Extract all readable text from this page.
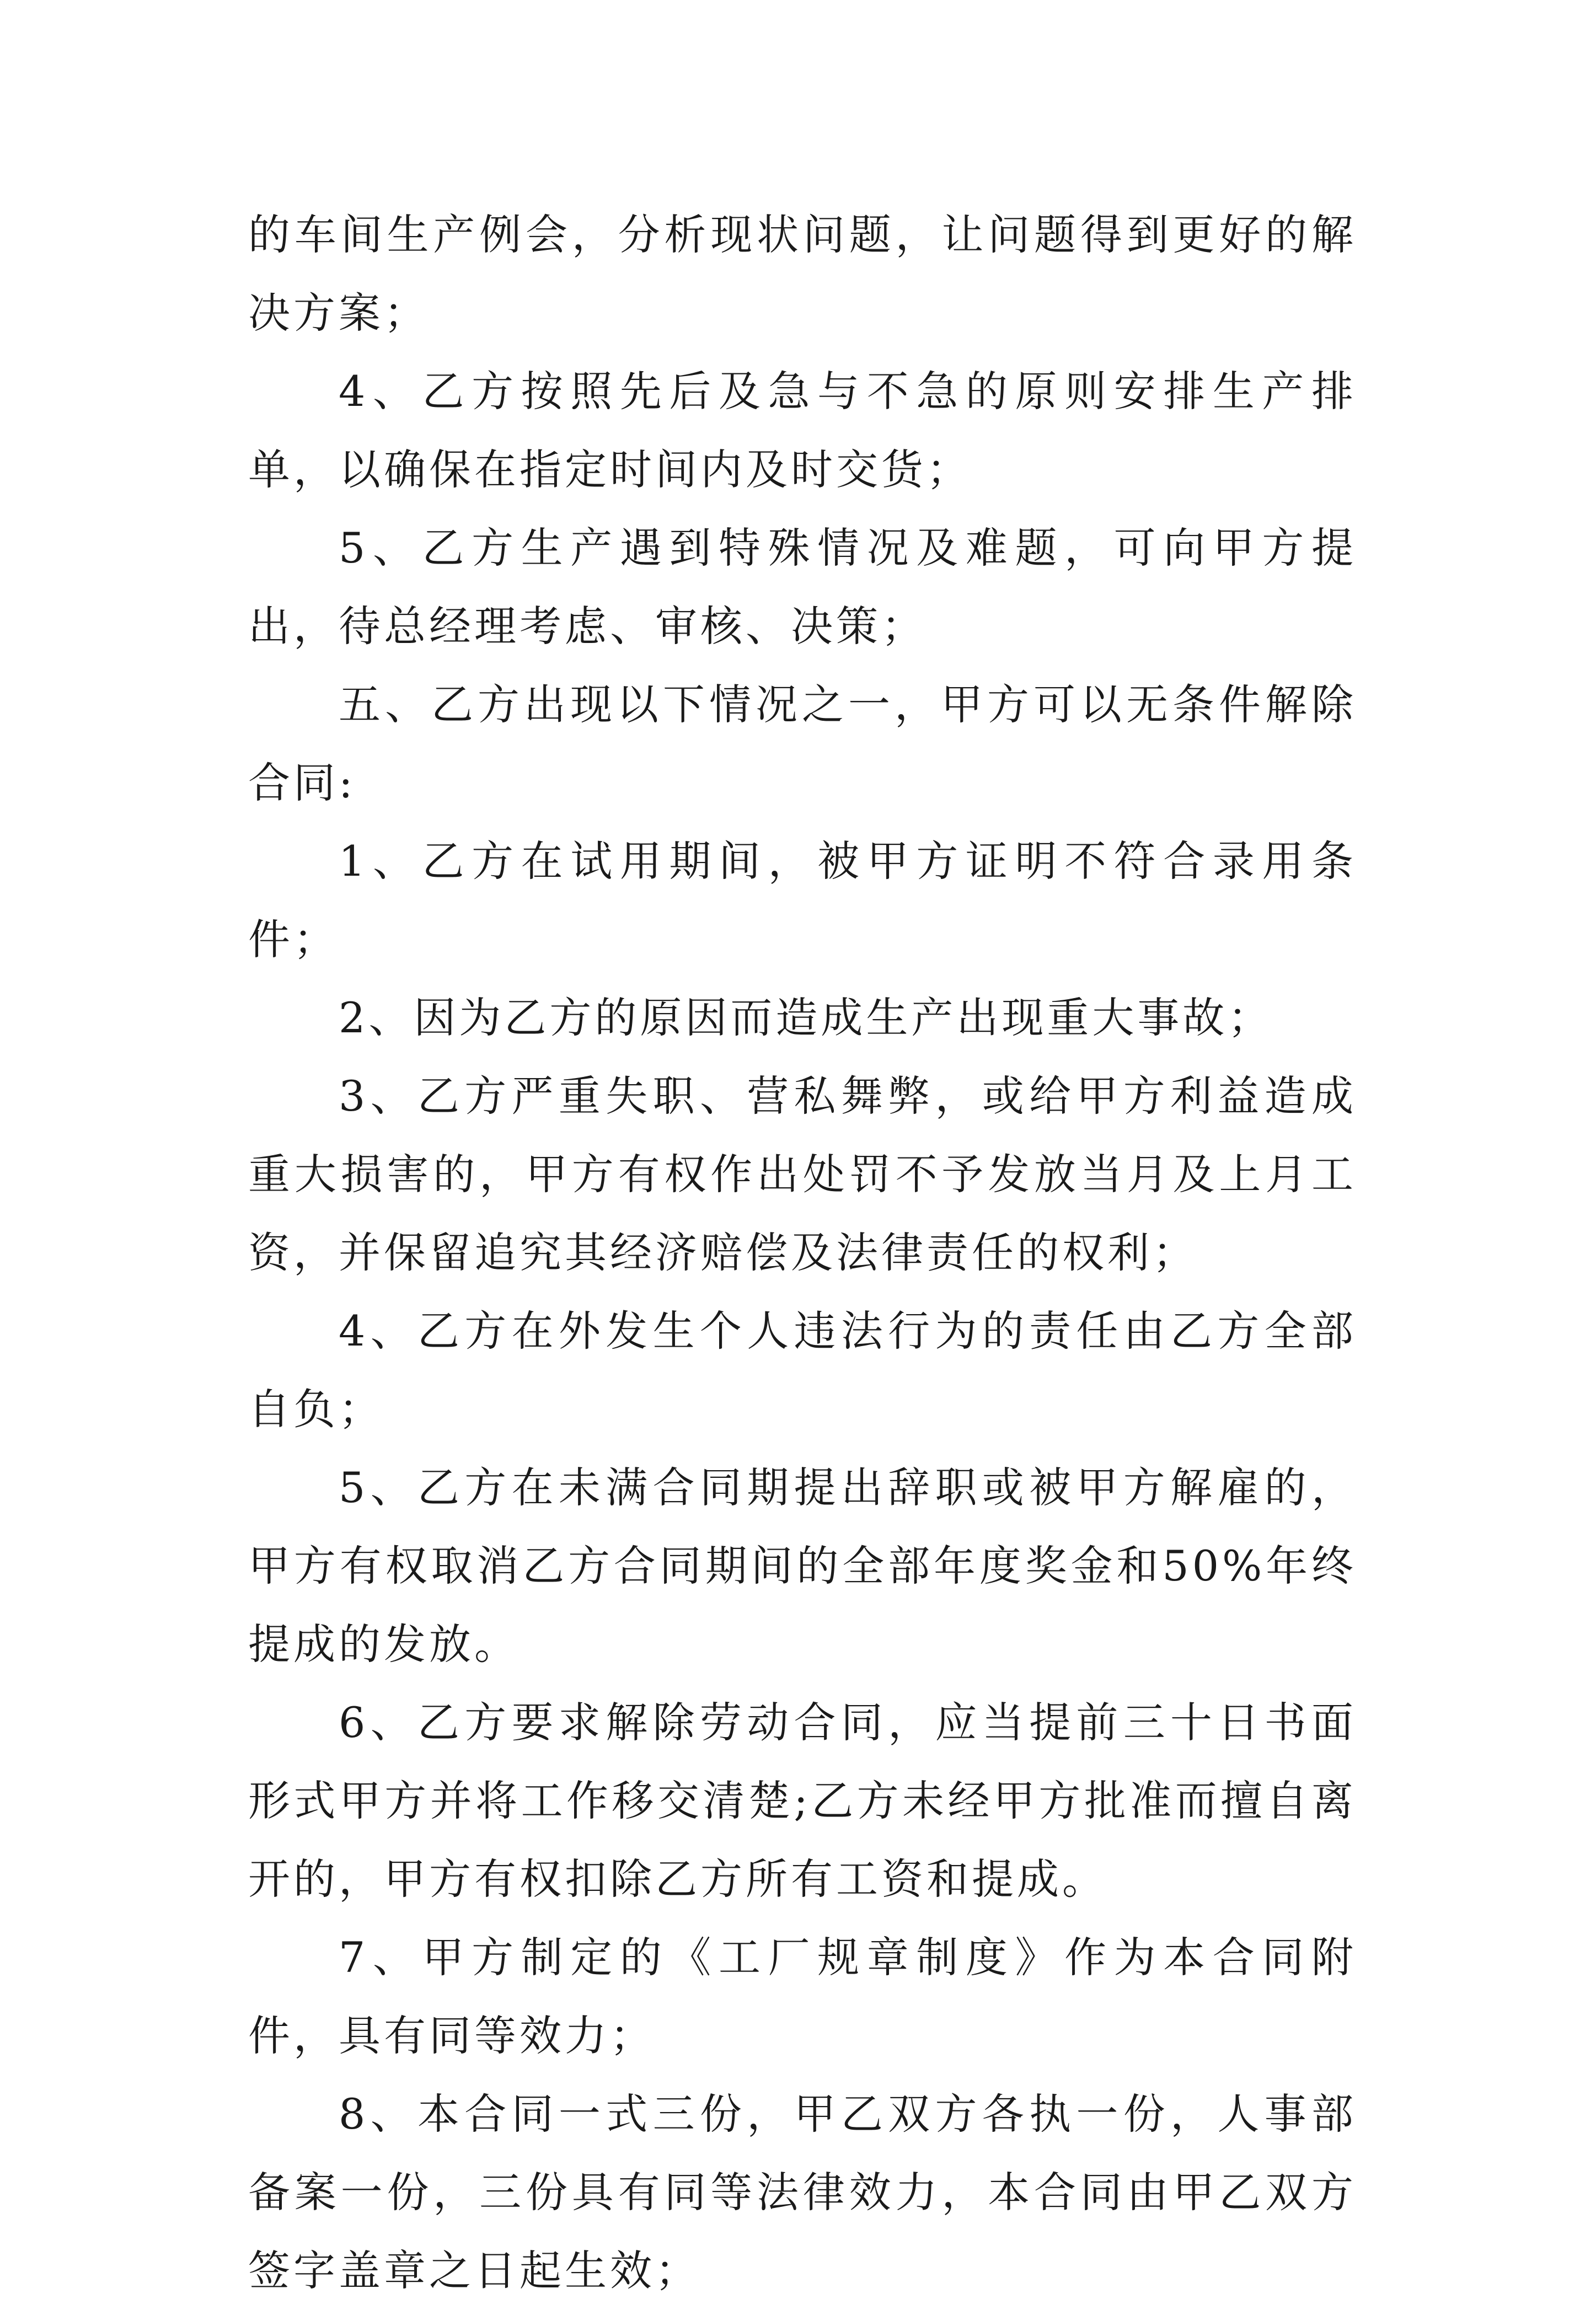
的车间生产例会，分析现状问题，让问题得到更好的解决方案；

4、乙方按照先后及急与不急的原则安排生产排单，以确保在指定时间内及时交货；

5、乙方生产遇到特殊情况及难题，可向甲方提出，待总经理考虑、审核、决策；

五、乙方出现以下情况之一，甲方可以无条件解除合同:

1、乙方在试用期间，被甲方证明不符合录用条件；

2、因为乙方的原因而造成生产出现重大事故；

3、乙方严重失职、营私舞弊，或给甲方利益造成重大损害的，甲方有权作出处罚不予发放当月及上月工资，并保留追究其经济赔偿及法律责任的权利；

4、乙方在外发生个人违法行为的责任由乙方全部自负；

5、乙方在未满合同期提出辞职或被甲方解雇的，甲方有权取消乙方合同期间的全部年度奖金和50%年终提成的发放。

6、乙方要求解除劳动合同，应当提前三十日书面形式甲方并将工作移交清楚;乙方未经甲方批准而擅自离开的，甲方有权扣除乙方所有工资和提成。

7、甲方制定的《工厂规章制度》作为本合同附件，具有同等效力；

8、本合同一式三份，甲乙双方各执一份，人事部备案一份，三份具有同等法律效力，本合同由甲乙双方签字盖章之日起生效；
